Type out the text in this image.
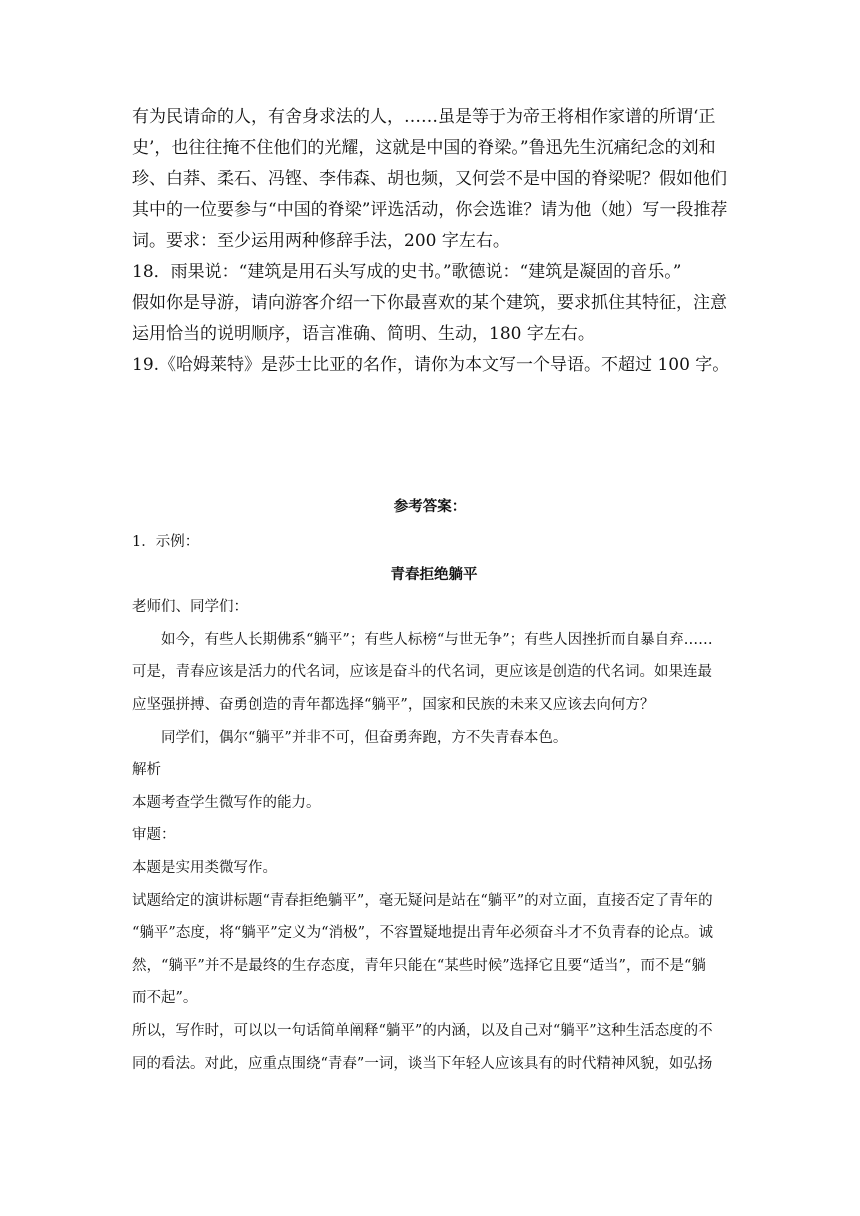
有为民请命的人，有舍身求法的人，……虽是等于为帝王将相作家谱的所谓‘正

史’，也往往掩不住他们的光耀，这就是中国的脊梁。”鲁迅先生沉痛纪念的刘和

珍、白莽、柔石、冯铿、李伟森、胡也频，又何尝不是中国的脊梁呢？假如他们

其中的一位要参与“中国的脊梁”评选活动，你会选谁？请为他（她）写一段推荐

词。要求：至少运用两种修辞手法，200 字左右。

18．雨果说：“建筑是用石头写成的史书。”歌德说：“建筑是凝固的音乐。”

假如你是导游，请向游客介绍一下你最喜欢的某个建筑，要求抓住其特征，注意

运用恰当的说明顺序，语言准确、简明、生动，180 字左右。

19.《哈姆莱特》是莎士比亚的名作，请你为本文写一个导语。不超过 100 字。

参考答案：

1．示例：

青春拒绝躺平

老师们、同学们：

如今，有些人长期佛系“躺平”；有些人标榜“与世无争”；有些人因挫折而自暴自弃……

可是，青春应该是活力的代名词，应该是奋斗的代名词，更应该是创造的代名词。如果连最

应坚强拼搏、奋勇创造的青年都选择“躺平”，国家和民族的未来又应该去向何方？

同学们，偶尔“躺平”并非不可，但奋勇奔跑，方不失青春本色。

解析

本题考查学生微写作的能力。

审题：

本题是实用类微写作。

试题给定的演讲标题“青春拒绝躺平”，毫无疑问是站在“躺平”的对立面，直接否定了青年的

“躺平”态度，将“躺平”定义为“消极”，不容置疑地提出青年必须奋斗才不负青春的论点。诚

然，“躺平”并不是最终的生存态度，青年只能在“某些时候”选择它且要“适当”，而不是“躺

而不起”。

所以，写作时，可以以一句话简单阐释“躺平”的内涵，以及自己对“躺平”这种生活态度的不

同的看法。对此，应重点围绕“青春”一词，谈当下年轻人应该具有的时代精神风貌，如弘扬
